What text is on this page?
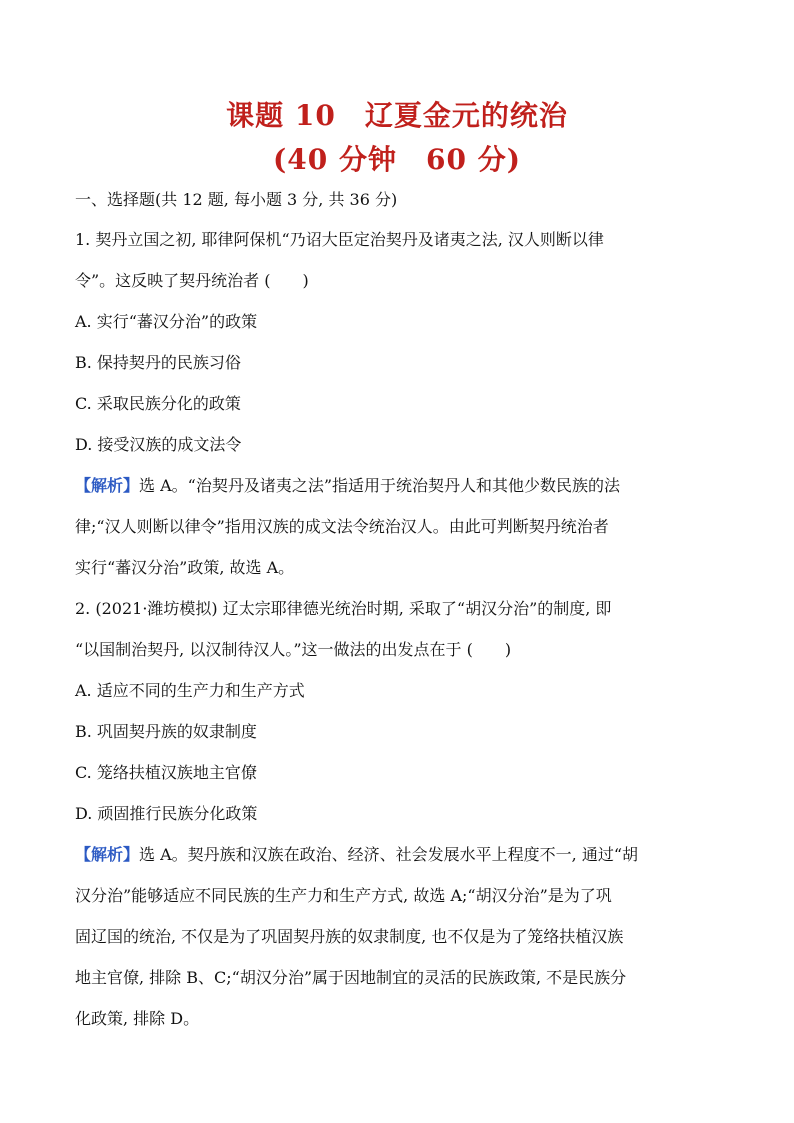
课题 10　辽夏金元的统治
(40 分钟　60 分)
一、选择题(共 12 题, 每小题 3 分, 共 36 分)
1. 契丹立国之初, 耶律阿保机“乃诏大臣定治契丹及诸夷之法, 汉人则断以律
令”。这反映了契丹统治者 (　　)
A. 实行“蕃汉分治”的政策
B. 保持契丹的民族习俗
C. 采取民族分化的政策
D. 接受汉族的成文法令
【解析】选 A。“治契丹及诸夷之法”指适用于统治契丹人和其他少数民族的法
律;“汉人则断以律令”指用汉族的成文法令统治汉人。由此可判断契丹统治者
实行“蕃汉分治”政策, 故选 A。
2. (2021·潍坊模拟) 辽太宗耶律德光统治时期, 采取了“胡汉分治”的制度, 即
“以国制治契丹, 以汉制待汉人。”这一做法的出发点在于 (　　)
A. 适应不同的生产力和生产方式
B. 巩固契丹族的奴隶制度
C. 笼络扶植汉族地主官僚
D. 顽固推行民族分化政策
【解析】选 A。契丹族和汉族在政治、经济、社会发展水平上程度不一, 通过“胡
汉分治”能够适应不同民族的生产力和生产方式, 故选 A;“胡汉分治”是为了巩
固辽国的统治, 不仅是为了巩固契丹族的奴隶制度, 也不仅是为了笼络扶植汉族
地主官僚, 排除 B、C;“胡汉分治”属于因地制宜的灵活的民族政策, 不是民族分
化政策, 排除 D。
